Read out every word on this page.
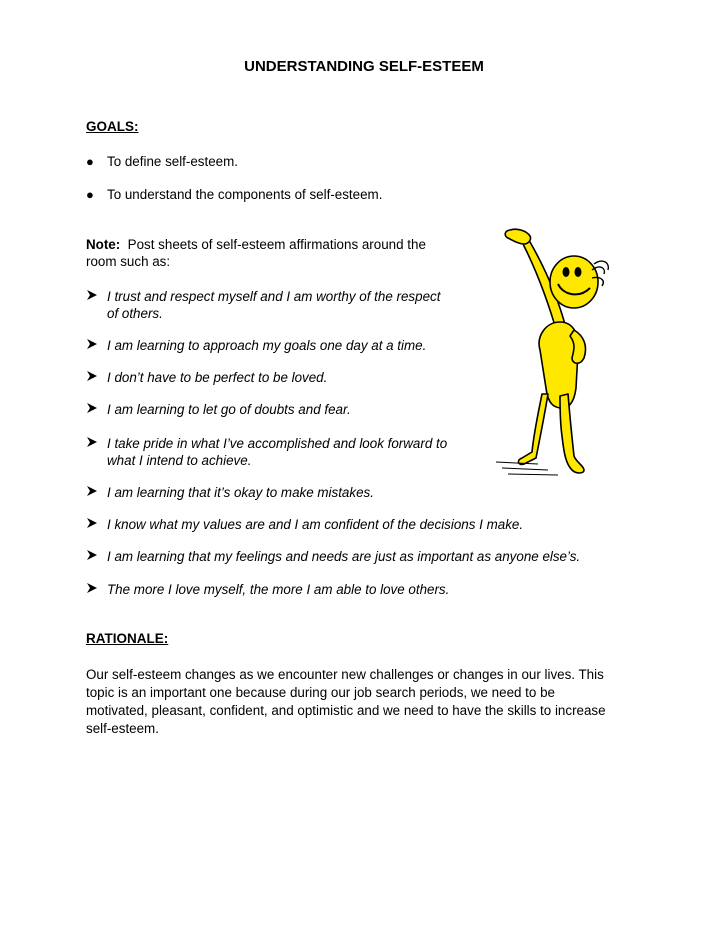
UNDERSTANDING SELF-ESTEEM
GOALS:
● To define self-esteem.
● To understand the components of self-esteem.
Note: Post sheets of self-esteem affirmations around the
room such as:
I trust and respect myself and I am worthy of the respect
of others.
I am learning to approach my goals one day at a time.
I don’t have to be perfect to be loved.
I am learning to let go of doubts and fear.
I take pride in what I’ve accomplished and look forward to
what I intend to achieve.
I am learning that it’s okay to make mistakes.
I know what my values are and I am confident of the decisions I make.
I am learning that my feelings and needs are just as important as anyone else’s.
The more I love myself, the more I am able to love others.
RATIONALE:
Our self-esteem changes as we encounter new challenges or changes in our lives. This
topic is an important one because during our job search periods, we need to be
motivated, pleasant, confident, and optimistic and we need to have the skills to increase
self-esteem.
